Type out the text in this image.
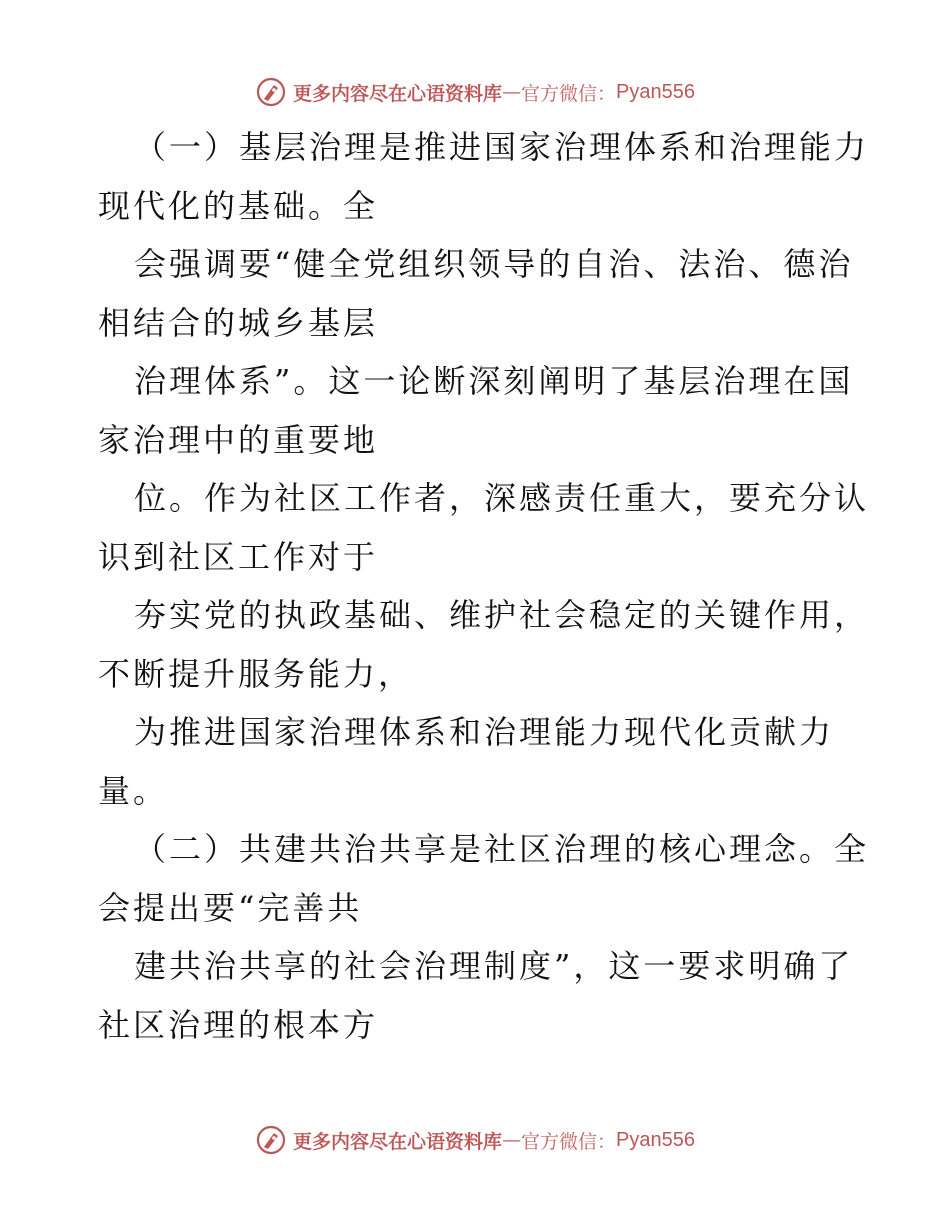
更多内容尽在心语资料库 — 官方微信： Pyan556
（一）基层治理是推进国家治理体系和治理能力
现代化的基础。全
会强调要“健全党组织领导的自治、法治、德治
相结合的城乡基层
治理体系”。这一论断深刻阐明了基层治理在国
家治理中的重要地
位。作为社区工作者，深感责任重大，要充分认
识到社区工作对于
夯实党的执政基础、维护社会稳定的关键作用，
不断提升服务能力，
为推进国家治理体系和治理能力现代化贡献力
量。
（二）共建共治共享是社区治理的核心理念。全
会提出要“完善共
建共治共享的社会治理制度”，这一要求明确了
社区治理的根本方
更多内容尽在心语资料库 — 官方微信： Pyan556
